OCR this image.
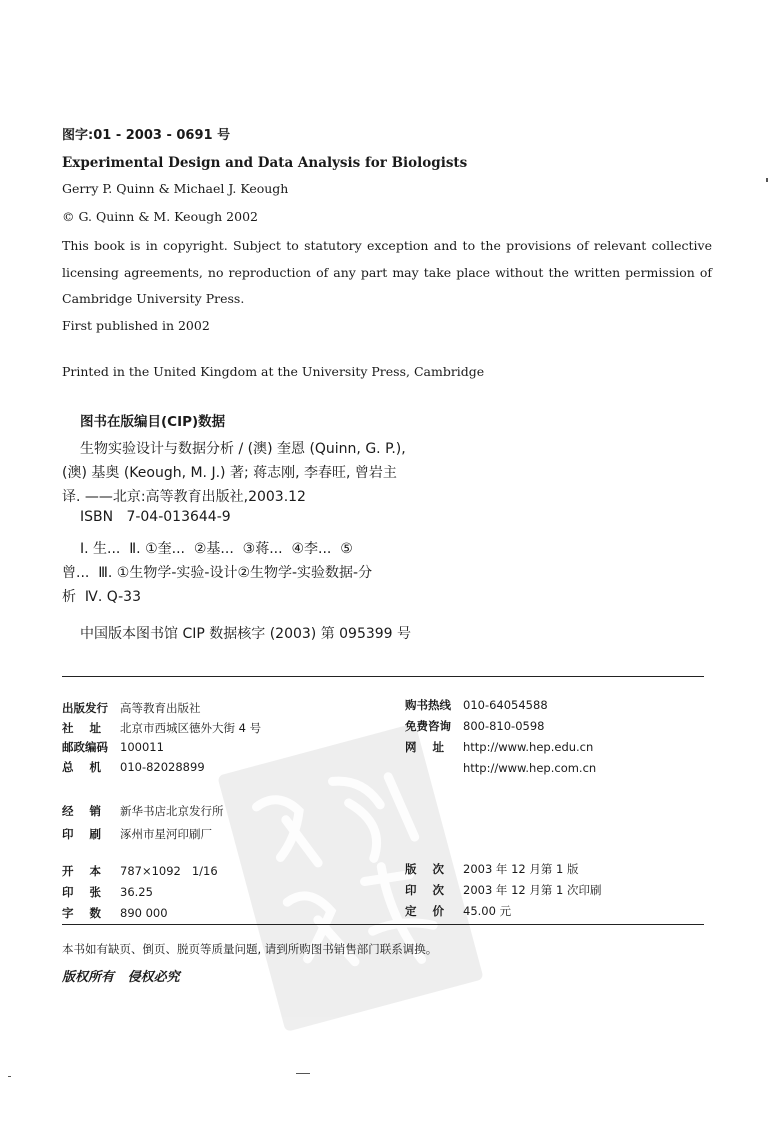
图字:01 - 2003 - 0691 号
Experimental Design and Data Analysis for Biologists
Gerry P. Quinn & Michael J. Keough
© G. Quinn & M. Keough 2002
This book is in copyright. Subject to statutory exception and to the provisions of relevant collective licensing agreements, no reproduction of any part may take place without the written permission of Cambridge University Press.
First published in 2002
Printed in the United Kingdom at the University Press, Cambridge
图书在版编目(CIP)数据
生物实验设计与数据分析 / (澳) 奎恩 (Quinn, G. P.),
(澳) 基奥 (Keough, M. J.) 著; 蒋志刚, 李春旺, 曾岩主
译. ——北京:高等教育出版社,2003.12
ISBN   7-04-013644-9
Ⅰ. 生...  Ⅱ. ①奎...  ②基...  ③蒋...  ④李...  ⑤
曾...  Ⅲ. ①生物学-实验-设计②生物学-实验数据-分
析  Ⅳ. Q-33
中国版本图书馆 CIP 数据核字 (2003) 第 095399 号
出版发行 高等教育出版社
社    址 北京市西城区德外大街 4 号
邮政编码 100011
总    机 010-82028899
购书热线 010-64054588
免费咨询 800-810-0598
网    址 http://www.hep.edu.cn
http://www.hep.com.cn
经    销 新华书店北京发行所
印    刷 涿州市星河印刷厂
开    本 787×1092   1/16
印    张 36.25
字    数 890 000
版    次 2003 年 12 月第 1 版
印    次 2003 年 12 月第 1 次印刷
定    价 45.00 元
本书如有缺页、倒页、脱页等质量问题, 请到所购图书销售部门联系调换。
版权所有   侵权必究
